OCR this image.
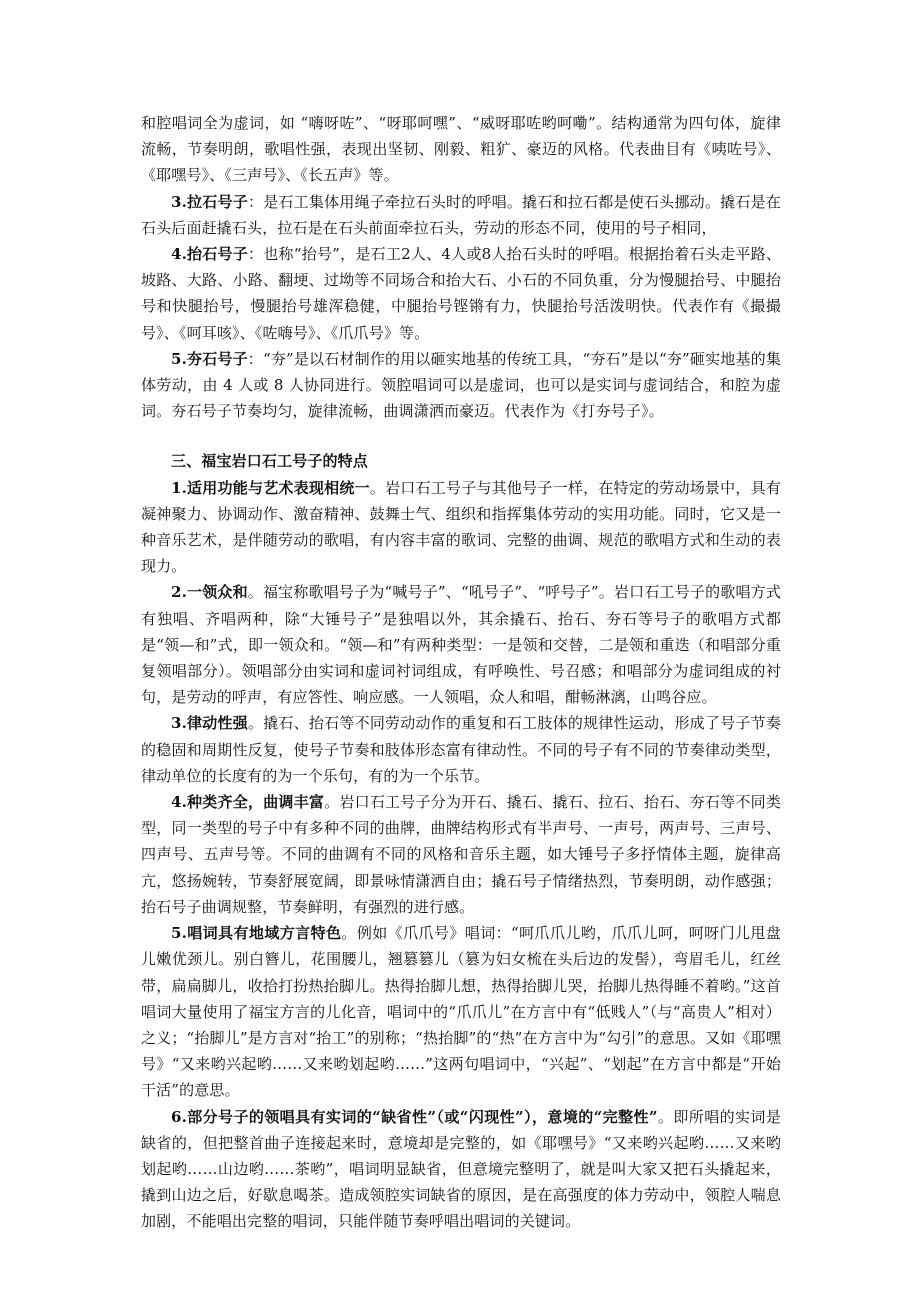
和腔唱词全为虚词，如 “嗨呀咗”、“呀耶呵嘿”、“威呀耶咗哟呵嘞”。结构通常为四句体，旋律流畅，节奏明朗，歌唱性强，表现出坚韧、刚毅、粗犷、豪迈的风格。代表曲目有《咦咗号》、《耶嘿号》、《三声号》、《长五声》等。

3.拉石号子：是石工集体用绳子牵拉石头时的呼唱。撬石和拉石都是使石头挪动。撬石是在石头后面赶撬石头，拉石是在石头前面牵拉石头，劳动的形态不同，使用的号子相同，

4.抬石号子：也称“抬号”，是石工2人、4人或8人抬石头时的呼唱。根据抬着石头走平路、坡路、大路、小路、翻埂、过坳等不同场合和抬大石、小石的不同负重，分为慢腿抬号、中腿抬号和快腿抬号，慢腿抬号雄浑稳健，中腿抬号铿锵有力，快腿抬号活泼明快。代表作有《撮撮号》、《呵耳咳》、《咗嗨号》、《爪爪号》等。

5.夯石号子：“夯”是以石材制作的用以砸实地基的传统工具，“夯石”是以“夯”砸实地基的集体劳动，由 4 人或 8 人协同进行。领腔唱词可以是虚词，也可以是实词与虚词结合，和腔为虚词。夯石号子节奏均匀，旋律流畅，曲调潇洒而豪迈。代表作为《打夯号子》。

三、福宝岩口石工号子的特点

1.适用功能与艺术表现相统一。岩口石工号子与其他号子一样，在特定的劳动场景中，具有凝神聚力、协调动作、激奋精神、鼓舞士气、组织和指挥集体劳动的实用功能。同时，它又是一种音乐艺术，是伴随劳动的歌唱，有内容丰富的歌词、完整的曲调、规范的歌唱方式和生动的表现力。

2.一领众和。福宝称歌唱号子为“喊号子”、“吼号子”、“呼号子”。岩口石工号子的歌唱方式有独唱、齐唱两种，除“大锤号子”是独唱以外，其余撬石、抬石、夯石等号子的歌唱方式都是“领—和”式，即一领众和。“领—和”有两种类型：一是领和交替，二是领和重迭（和唱部分重复领唱部分）。领唱部分由实词和虚词衬词组成，有呼唤性、号召感；和唱部分为虚词组成的衬句，是劳动的呼声，有应答性、响应感。一人领唱，众人和唱，酣畅淋漓，山鸣谷应。

3.律动性强。撬石、抬石等不同劳动动作的重复和石工肢体的规律性运动，形成了号子节奏的稳固和周期性反复，使号子节奏和肢体形态富有律动性。不同的号子有不同的节奏律动类型，律动单位的长度有的为一个乐句，有的为一个乐节。

4.种类齐全，曲调丰富。岩口石工号子分为开石、撬石、撬石、拉石、抬石、夯石等不同类型，同一类型的号子中有多种不同的曲牌，曲牌结构形式有半声号、一声号，两声号、三声号、四声号、五声号等。不同的曲调有不同的风格和音乐主题，如大锤号子多抒情体主题，旋律高亢，悠扬婉转，节奏舒展宽阔，即景咏情潇洒自由；撬石号子情绪热烈，节奏明朗，动作感强；抬石号子曲调规整，节奏鲜明，有强烈的进行感。

5.唱词具有地域方言特色。例如《爪爪号》唱词：“呵爪爪儿哟，爪爪儿呵，呵呀门儿甩盘儿嫩优颈儿。别白簪儿，花围腰儿，翘篡篡儿（篡为妇女梳在头后边的发髻），弯眉毛儿，红丝带，扁扁脚儿，收拾打扮热抬脚儿。热得抬脚儿想，热得抬脚儿哭，抬脚儿热得睡不着哟。”这首唱词大量使用了福宝方言的儿化音，唱词中的“爪爪儿”在方言中有“低贱人”（与“高贵人”相对）之义；“抬脚儿”是方言对“抬工”的别称；“热抬脚”的“热”在方言中为“勾引”的意思。又如《耶嘿号》“又来哟兴起哟……又来哟划起哟……”这两句唱词中，“兴起”、“划起”在方言中都是“开始干活”的意思。

6.部分号子的领唱具有实词的“缺省性”（或“闪现性”），意境的“完整性”。即所唱的实词是缺省的，但把整首曲子连接起来时，意境却是完整的，如《耶嘿号》“又来哟兴起哟……又来哟划起哟……山边哟……茶哟”，唱词明显缺省，但意境完整明了，就是叫大家又把石头撬起来，撬到山边之后，好歇息喝茶。造成领腔实词缺省的原因，是在高强度的体力劳动中，领腔人喘息加剧，不能唱出完整的唱词，只能伴随节奏呼唱出唱词的关键词。
